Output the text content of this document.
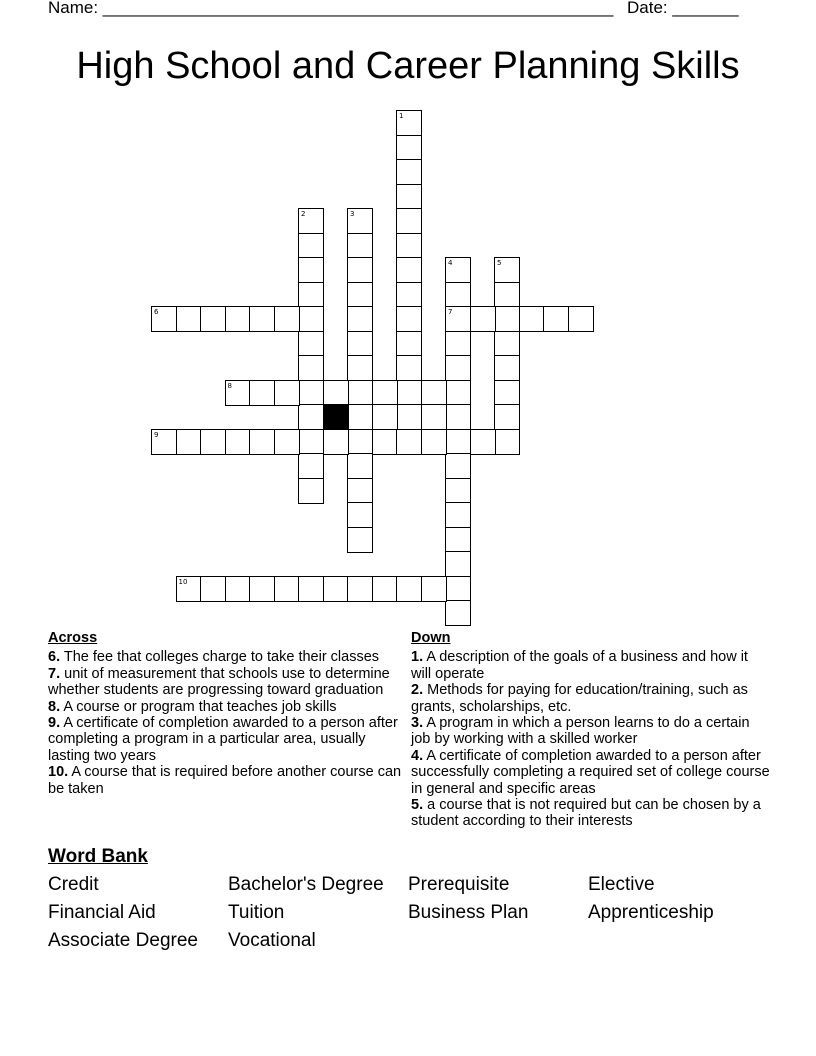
Name: ______________________________________________________ Date: _______
High School and Career Planning Skills
1
2	3
4
7
5
6
8
9
10
Across

6. The fee that colleges charge to take their classes

7. unit of measurement that schools use to determine whether students are progressing toward graduation

8. A course or program that teaches job skills

9. A certificate of completion awarded to a person after completing a program in a particular area, usually lasting two years

10. A course that is required before another course can be taken

Down

1. A description of the goals of a business and how it will operate

2. Methods for paying for education/training, such as grants, scholarships, etc.

3. A program in which a person learns to do a certain job by working with a skilled worker

4. A certificate of completion awarded to a person after successfully completing a required set of college course in general and specific areas

5. a course that is not required but can be chosen by a student according to their interests

Word Bank
Credit	Bachelor's Degree	Prerequisite	Elective
Financial Aid	Tuition	Business Plan	Apprenticeship
Associate Degree	Vocational
